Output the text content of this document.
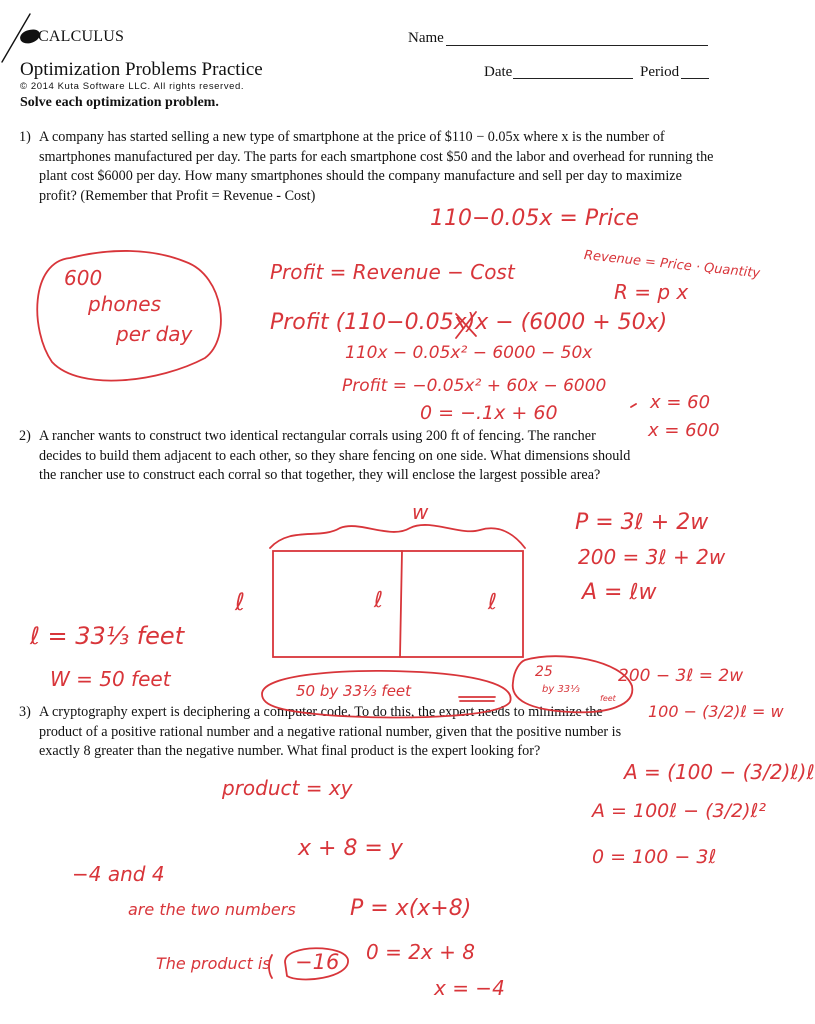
CALCULUS	Name
Optimization Problems Practice	Date	Period
© 2014 Kuta Software LLC. All rights reserved.
Solve each optimization problem.
1) A company has started selling a new type of smartphone at the price of $110 − 0.05x where x is the number of smartphones manufactured per day. The parts for each smartphone cost $50 and the labor and overhead for running the plant cost $6000 per day. How many smartphones should the company manufacture and sell per day to maximize profit? (Remember that Profit = Revenue - Cost)
2) A rancher wants to construct two identical rectangular corrals using 200 ft of fencing. The rancher decides to build them adjacent to each other, so they share fencing on one side. What dimensions should the rancher use to construct each corral so that together, they will enclose the largest possible area?
3) A cryptography expert is deciphering a computer code. To do this, the expert needs to minimize the product of a positive rational number and a negative rational number, given that the positive number is exactly 8 greater than the negative number. What final product is the expert looking for?
110−0.05x = Price
Revenue = Price · Quantity
R = p x
600
phones
per day
Profit = Revenue − Cost
Profit (110−0.05x)x − (6000 + 50x)
110x − 0.05x² − 6000 − 50x
Profit = −0.05x² + 60x − 6000
0 = −.1x + 60	x = 60
x = 600
w	P = 3ℓ + 2w
200 = 3ℓ + 2w
A = ℓw
ℓ	ℓ	ℓ
ℓ = 33⅓ feet
W = 50 feet	50 by 33⅓ feet
25
by 33⅓
feet
200 − 3ℓ = 2w
100 − (3/2)ℓ = w
A = (100 − (3/2)ℓ)ℓ
A = 100ℓ − (3/2)ℓ²
0 = 100 − 3ℓ
product = xy
x + 8 = y
−4 and 4
are the two numbers P = x(x+8)
The product is −16 0 = 2x + 8
x = −4
